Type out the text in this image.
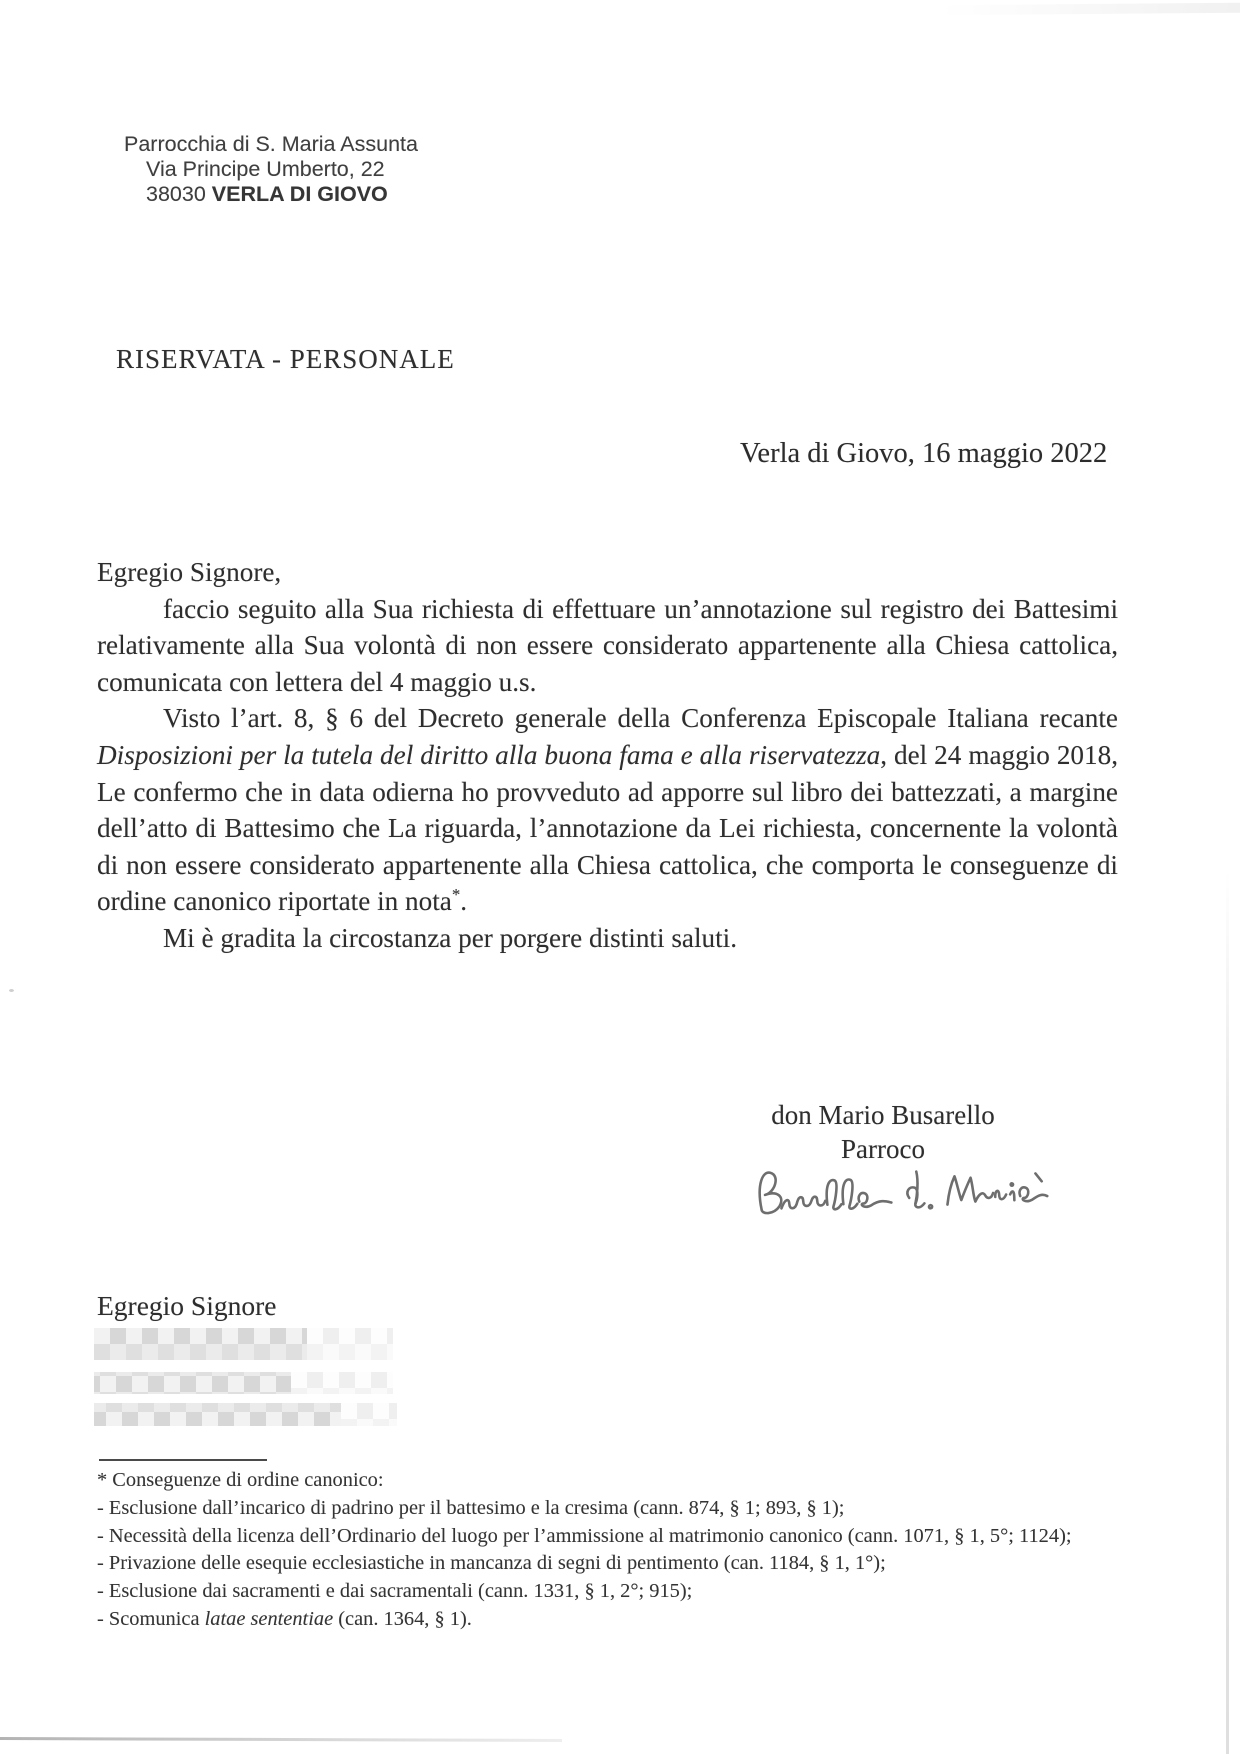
Parrocchia di S. Maria Assunta
Via Principe Umberto, 22
38030 VERLA DI GIOVO
RISERVATA - PERSONALE
Verla di Giovo, 16 maggio 2022

Egregio Signore,

faccio seguito alla Sua richiesta di effettuare un’annotazione sul registro dei Battesimi relativamente alla Sua volontà di non essere considerato appartenente alla Chiesa cattolica, comunicata con lettera del 4 maggio u.s.

Visto l’art. 8, § 6 del Decreto generale della Conferenza Episcopale Italiana recante Disposizioni per la tutela del diritto alla buona fama e alla riservatezza, del 24 maggio 2018, Le confermo che in data odierna ho provveduto ad apporre sul libro dei battezzati, a margine dell’atto di Battesimo che La riguarda, l’annotazione da Lei richiesta, concernente la volontà di non essere considerato appartenente alla Chiesa cattolica, che comporta le conseguenze di ordine canonico riportate in nota*.

Mi è gradita la circostanza per porgere distinti saluti.

don Mario Busarello
Parroco
Egregio Signore

* Conseguenze di ordine canonico:

- Esclusione dall’incarico di padrino per il battesimo e la cresima (cann. 874, § 1; 893, § 1);

- Necessità della licenza dell’Ordinario del luogo per l’ammissione al matrimonio canonico (cann. 1071, § 1, 5°; 1124);

- Privazione delle esequie ecclesiastiche in mancanza di segni di pentimento (can. 1184, § 1, 1°);

- Esclusione dai sacramenti e dai sacramentali (cann. 1331, § 1, 2°; 915);

- Scomunica latae sententiae (can. 1364, § 1).
